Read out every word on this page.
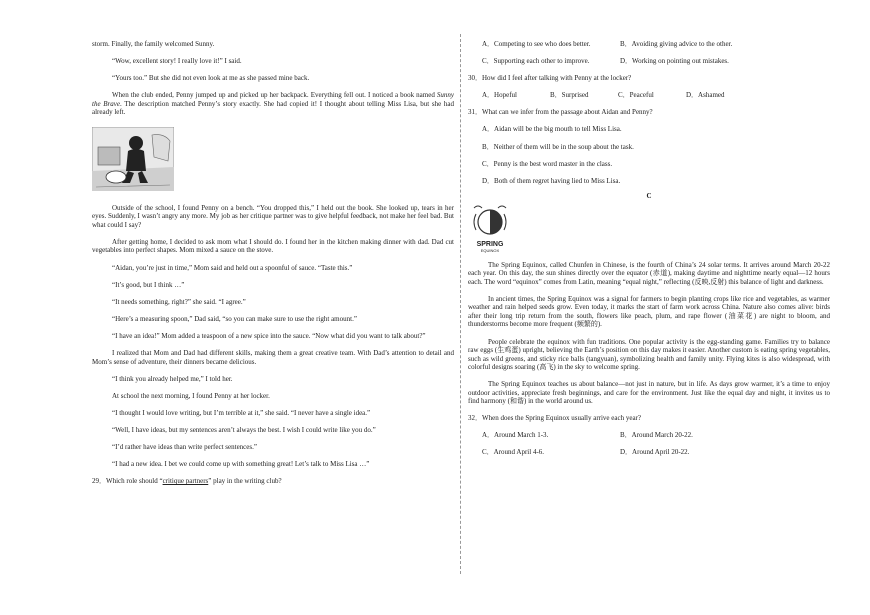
storm. Finally, the family welcomed Sunny.

“Wow, excellent story! I really love it!” I said.

“Yours too.” But she did not even look at me as she passed mine back.

When the club ended, Penny jumped up and picked up her backpack. Everything fell out. I noticed a book named Sunny the Brave. The description matched Penny’s story exactly. She had copied it! I thought about telling Miss Lisa, but she had already left.

Outside of the school, I found Penny on a bench. “You dropped this,” I held out the book. She looked up, tears in her eyes. Suddenly, I wasn’t angry any more. My job as her critique partner was to give helpful feedback, not make her feel bad. But what could I say?

After getting home, I decided to ask mom what I should do. I found her in the kitchen making dinner with dad. Dad cut vegetables into perfect shapes. Mom mixed a sauce on the stove.

“Aidan, you’re just in time,” Mom said and held out a spoonful of sauce. “Taste this.”

“It’s good, but I think …”

“It needs something, right?” she said. “I agree.”

“Here’s a measuring spoon,” Dad said, “so you can make sure to use the right amount.”

“I have an idea!” Mom added a teaspoon of a new spice into the sauce. “Now what did you want to talk about?”

I realized that Mom and Dad had different skills, making them a great creative team. With Dad’s attention to detail and Mom’s sense of adventure, their dinners became delicious.

“I think you already helped me,” I told her.

At school the next morning, I found Penny at her locker.

“I thought I would love writing, but I’m terrible at it,” she said. “I never have a single idea.”

“Well, I have ideas, but my sentences aren’t always the best. I wish I could write like you do.”

“I’d rather have ideas than write perfect sentences.”

“I had a new idea. I bet we could come up with something great! Let’s talk to Miss Lisa …”

29．Which role should “critique partners” play in the writing club?

A．Competing to see who does better.	B．Avoiding giving advice to the other.
C．Supporting each other to improve.	D．Working on pointing out mistakes.

30．How did I feel after talking with Penny at the locker?

A．Hopeful	B．Surprised	C．Peaceful	D．Ashamed

31．What can we infer from the passage about Aidan and Penny?

A．Aidan will be the big mouth to tell Miss Lisa.
B．Neither of them will be in the soup about the task.
C．Penny is the best word master in the class.
D．Both of them regret having lied to Miss Lisa.
C
SPRING
EQUINOX

The Spring Equinox, called Chunfen in Chinese, is the fourth of China’s 24 solar terms. It arrives around March 20-22 each year. On this day, the sun shines directly over the equator (赤道), making daytime and nighttime nearly equal—12 hours each. The word “equinox” comes from Latin, meaning “equal night,” reflecting (反映,反射) this balance of light and darkness.

In ancient times, the Spring Equinox was a signal for farmers to begin planting crops like rice and vegetables, as warmer weather and rain helped seeds grow. Even today, it marks the start of farm work across China. Nature also comes alive: birds after their long trip return from the south, flowers like peach, plum, and rape flower (油菜花) are night to bloom, and thunderstorms become more frequent (频繁的).

People celebrate the equinox with fun traditions. One popular activity is the egg-standing game. Families try to balance raw eggs (生鸡蛋) upright, believing the Earth’s position on this day makes it easier. Another custom is eating spring vegetables, such as wild greens, and sticky rice balls (tangyuan), symbolizing health and family unity. Flying kites is also widespread, with colorful designs soaring (高飞) in the sky to welcome spring.

The Spring Equinox teaches us about balance—not just in nature, but in life. As days grow warmer, it’s a time to enjoy outdoor activities, appreciate fresh beginnings, and care for the environment. Just like the equal day and night, it invites us to find harmony (和谐) in the world around us.

32．When does the Spring Equinox usually arrive each year?

A．Around March 1-3.	B．Around March 20-22.
C．Around April 4-6.	D．Around April 20-22.
